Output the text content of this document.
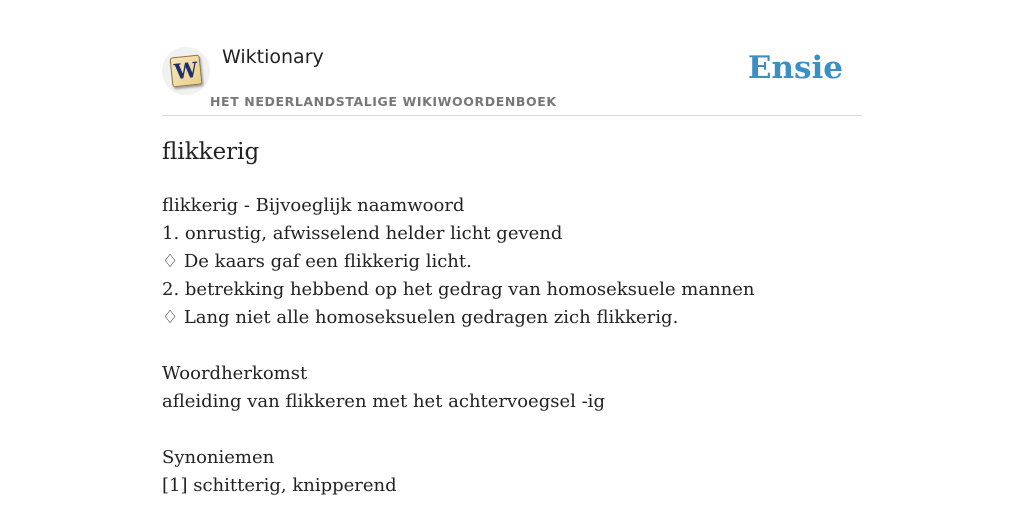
W Wiktionary
HET NEDERLANDSTALIGE WIKIWOORDENBOEK
Ensie
flikkerig
flikkerig - Bijvoeglijk naamwoord
1. onrustig, afwisselend helder licht gevend
♢ De kaars gaf een flikkerig licht.
2. betrekking hebbend op het gedrag van homoseksuele mannen
♢ Lang niet alle homoseksuelen gedragen zich flikkerig.
Woordherkomst
afleiding van flikkeren met het achtervoegsel -ig
Synoniemen
[1] schitterig, knipperend
